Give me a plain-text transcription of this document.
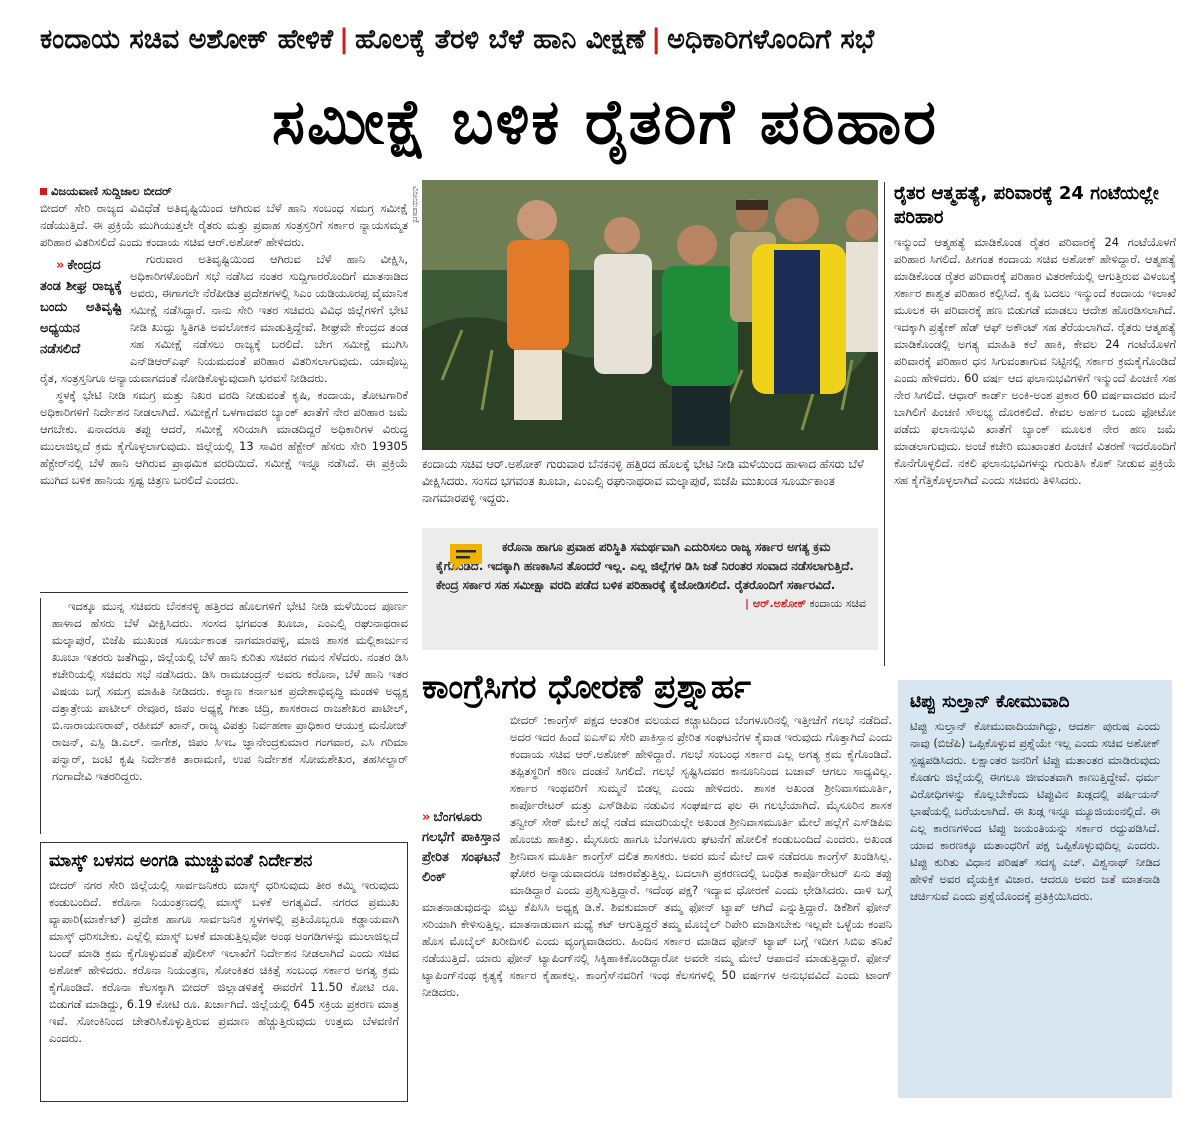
ಕಂದಾಯ ಸಚಿವ ಅಶೋಕ್ ಹೇಳಿಕೆ | ಹೊಲಕ್ಕೆ ತೆರಳಿ ಬೆಳೆ ಹಾನಿ ವೀಕ್ಷಣೆ | ಅಧಿಕಾರಿಗಳೊಂದಿಗೆ ಸಭೆ
ಸಮೀಕ್ಷೆ ಬಳಿಕ ರೈತರಿಗೆ ಪರಿಹಾರ
ವಿಜಯವಾಣಿ ಸುದ್ದಿಜಾಲ ಬೀದರ್

ಬೀದರ್ ಸೇರಿ ರಾಜ್ಯದ ವಿವಿಧೆಡೆ ಅತಿವೃಷ್ಟಿಯಿಂದ ಆಗಿರುವ ಬೆಳೆ ಹಾನಿ ಸಂಬಂಧ ಸಮಗ್ರ ಸಮೀಕ್ಷೆ ನಡೆಯುತ್ತಿದೆ. ಈ ಪ್ರಕ್ರಿಯೆ ಮುಗಿಯುತ್ತಲೇ ರೈತರು ಮತ್ತು ಪ್ರವಾಹ ಸಂತ್ರಸ್ತರಿಗೆ ಸರ್ಕಾರ ನ್ಯಾಯಸಮ್ಮತ ಪರಿಹಾರ ವಿತರಿಸಲಿದೆ ಎಂದು ಕಂದಾಯ ಸಚಿವ ಆರ್.ಅಶೋಕ್ ಹೇಳಿದರು.

» ಕೇಂದ್ರದ ತಂಡ ಶೀಘ್ರ ರಾಜ್ಯಕ್ಕೆ ಬಂದು ಅತಿವೃಷ್ಟಿ ಅಧ್ಯಯನ ನಡೆಸಲಿದೆ
ಗುರುವಾರ ಅತಿವೃಷ್ಟಿಯಿಂದ ಆಗಿರುವ ಬೆಳೆ ಹಾನಿ ವೀಕ್ಷಿಸಿ, ಅಧಿಕಾರಿಗಳೊಂದಿಗೆ ಸಭೆ ನಡೆಸಿದ ನಂತರ ಸುದ್ದಿಗಾರರೊಂದಿಗೆ ಮಾತನಾಡಿದ ಅವರು, ಈಗಾಗಲೇ ನೆರೆಪೀಡಿತ ಪ್ರದೇಶಗಳಲ್ಲಿ ಸಿಎಂ ಯಡಿಯೂರಪ್ಪ ವೈಮಾನಿಕ ಸಮೀಕ್ಷೆ ನಡೆಸಿದ್ದಾರೆ. ನಾನು ಸೇರಿ ಇತರ ಸಚಿವರು ವಿವಿಧ ಜಿಲ್ಲೆಗಳಿಗೆ ಭೇಟಿ ನೀಡಿ ಖುದ್ದು ಸ್ಥಿತಿಗತಿ ಅವಲೋಕನ ಮಾಡುತ್ತಿದ್ದೇವೆ. ಶೀಘ್ರವೇ ಕೇಂದ್ರದ ತಂಡ ಸಹ ಸಮೀಕ್ಷೆ ನಡೆಸಲು ರಾಜ್ಯಕ್ಕೆ ಬರಲಿದೆ. ಬೇಗ ಸಮೀಕ್ಷೆ ಮುಗಿಸಿ ಎನ್‌ಡಿಆರ್‌ಎಫ್ ನಿಯಮದಂತೆ ಪರಿಹಾರ ವಿತರಿಸಲಾಗುವುದು. ಯಾವೊಬ್ಬ ರೈತ, ಸಂತ್ರಸ್ತನಿಗೂ ಅನ್ಯಾಯವಾಗದಂತೆ ನೋಡಿಕೊಳ್ಳುವುದಾಗಿ ಭರವಸೆ ನೀಡಿದರು.

ಸ್ಥಳಕ್ಕೆ ಭೇಟಿ ನೀಡಿ ಸಮಗ್ರ ಮತ್ತು ನಿಖರ ವರದಿ ನೀಡುವಂತೆ ಕೃಷಿ, ಕಂದಾಯ, ತೋಟಗಾರಿಕೆ ಅಧಿಕಾರಿಗಳಿಗೆ ನಿರ್ದೇಶನ ನೀಡಲಾಗಿದೆ. ಸಮೀಕ್ಷೆಗೆ ಒಳಗಾದವರ ಬ್ಯಾಂಕ್ ಖಾತೆಗೆ ನೇರ ಪರಿಹಾರ ಜಮೆ ಆಗಬೇಕು. ಏನಾದರೂ ತಪ್ಪು ಆದರೆ, ಸಮೀಕ್ಷೆ ಸರಿಯಾಗಿ ಮಾಡದಿದ್ದರೆ ಅಧಿಕಾರಿಗಳ ವಿರುದ್ಧ ಮುಲಾಜಿಲ್ಲದೆ ಕ್ರಮ ಕೈಗೊಳ್ಳಲಾಗುವುದು. ಜಿಲ್ಲೆಯಲ್ಲಿ 13 ಸಾವಿರ ಹೆಕ್ಟೇರ್ ಹೆಸರು ಸೇರಿ 19305 ಹೆಕ್ಟೇರ್‌ನಲ್ಲಿ ಬೆಳೆ ಹಾನಿ ಆಗಿರುವ ಪ್ರಾಥಮಿಕ ವರದಿಯಿದೆ. ಸಮೀಕ್ಷೆ ಇನ್ನೂ ನಡೆಸಿದೆ. ಈ ಪ್ರಕ್ರಿಯೆ ಮುಗಿದ ಬಳಿಕ ಹಾನಿಯ ಸ್ಪಷ್ಟ ಚಿತ್ರಣ ಬರಲಿದೆ ಎಂದರು.

ವಿಜಯವಾಣಿ

ಇದಕ್ಕೂ ಮುನ್ನ ಸಚಿವರು ಬೆನಕನಳ್ಳಿ ಹತ್ತಿರದ ಹೊಲಗಳಿಗೆ ಭೇಟಿ ನೀಡಿ ಮಳೆಯಿಂದ ಪೂರ್ಣ ಹಾಳಾದ ಹೆಸರು ಬೆಳೆ ವೀಕ್ಷಿಸಿದರು. ಸಂಸದ ಭಗವಂತ ಖೂಬಾ, ಎಂಎಲ್ಸಿ ರಘುನಾಥರಾವ ಮಲ್ಕಾಪುರೆ, ಬಿಜೆಪಿ ಮುಖಂಡ ಸೂರ್ಯಕಾಂತ ನಾಗಮಾರಪಳ್ಳಿ, ಮಾಜಿ ಶಾಸಕ ಮಲ್ಲಿಕಾರ್ಜುನ ಖೂಬಾ ಇತರರು ಜತೆಗಿದ್ದು, ಜಿಲ್ಲೆಯಲ್ಲಿ ಬೆಳೆ ಹಾನಿ ಕುರಿತು ಸಚಿವರ ಗಮನ ಸೆಳೆದರು. ನಂತರ ಡಿಸಿ ಕಚೇರಿಯಲ್ಲಿ ಸಚಿವರು ಸಭೆ ನಡೆಸಿದರು. ಡಿಸಿ ರಾಮಚಂದ್ರನ್ ಅವರು ಕರೊನಾ, ಬೆಳೆ ಹಾನಿ ಇತರ ವಿಷಯ ಬಗ್ಗೆ ಸಮಗ್ರ ಮಾಹಿತಿ ನೀಡಿದರು. ಕಲ್ಯಾಣ ಕರ್ನಾಟಕ ಪ್ರದೇಶಾಭಿವೃದ್ಧಿ ಮಂಡಳಿ ಅಧ್ಯಕ್ಷ ದತ್ತಾತ್ರೇಯ ಪಾಟೀಲ್ ರೇವೂರ, ಜಿಪಂ ಅಧ್ಯಕ್ಷೆ ಗೀತಾ ಚಿದ್ರಿ, ಶಾಸಕರಾದ ರಾಜಶೇಖರ ಪಾಟೀಲ್, ಬಿ.ನಾರಾಯಣರಾವ್, ರಹೀಮ್ ಖಾನ್, ರಾಜ್ಯ ವಿಪತ್ತು ನಿರ್ವಹಣಾ ಪ್ರಾಧಿಕಾರ ಆಯುಕ್ತ ಮನೋಜ್ ರಾಜನ್, ಎಸ್ಪಿ ಡಿ.ಎಲ್. ನಾಗೇಶ, ಜಿಪಂ ಸಿಇಒ ಜ್ಞಾನೇಂದ್ರಕುಮಾರ ಗಂಗವಾರ, ಎಸಿ ಗರಿಮಾ ಪನ್ವಾರ್, ಜಂಟಿ ಕೃಷಿ ನಿರ್ದೇಶಕಿ ತಾರಾಮಣಿ, ಉಪ ನಿರ್ದೇಶಕ ಸೋಮಶೇಖರ, ತಹಸೀಲ್ದಾರ್ ಗಂಗಾದೇವಿ ಇತರರಿದ್ದರು.

ಮಾಸ್ಕ್ ಬಳಸದ ಅಂಗಡಿ ಮುಚ್ಚುವಂತೆ ನಿರ್ದೇಶನ

ಬೀದರ್ ನಗರ ಸೇರಿ ಜಿಲ್ಲೆಯಲ್ಲಿ ಸಾರ್ವಜನಿಕರು ಮಾಸ್ಕ್ ಧರಿಸುವುದು ತೀರ ಕಮ್ಮಿ ಇರುವುದು ಕಂಡುಬಂದಿದೆ. ಕರೊನಾ ನಿಯಂತ್ರಣದಲ್ಲಿ ಮಾಸ್ಕ್ ಬಳಕೆ ಅಗತ್ಯವಿದೆ. ನಗರದ ಪ್ರಮುಖ ವ್ಯಾಪಾರಿ(ಮಾರ್ಕೆಟ್) ಪ್ರದೇಶ ಹಾಗೂ ಸಾರ್ವಜನಿಕ ಸ್ಥಳಗಳಲ್ಲಿ ಪ್ರತಿಯೊಬ್ಬರೂ ಕಡ್ಡಾಯವಾಗಿ ಮಾಸ್ಕ್ ಧರಿಸಬೇಕು. ಎಲ್ಲೆಲ್ಲಿ ಮಾಸ್ಕ್ ಬಳಕೆ ಮಾಡುತ್ತಿಲ್ಲವೋ ಅಂಥ ಅಂಗಡಿಗಳನ್ನು ಮುಲಾಜಿಲ್ಲದೆ ಬಂದ್ ಮಾಡಿ ಕ್ರಮ ಕೈಗೊಳ್ಳುವಂತೆ ಪೊಲೀಸ್ ಇಲಾಖೆಗೆ ನಿರ್ದೇಶನ ನೀಡಲಾಗಿದೆ ಎಂದು ಸಚಿವ ಅಶೋಕ್ ಹೇಳಿದರು. ಕರೊನಾ ನಿಯಂತ್ರಣ, ಸೋಂಕಿತರ ಚಿಕಿತ್ಸೆ ಸಂಬಂಧ ಸರ್ಕಾರ ಅಗತ್ಯ ಕ್ರಮ ಕೈಗೊಂಡಿದೆ. ಕರೊನಾ ಕೆಲಸಕ್ಕಾಗಿ ಬೀದರ್ ಜಿಲ್ಲಾಡಳಿತಕ್ಕೆ ಈವರೆಗೆ 11.50 ಕೋಟಿ ರೂ. ಬಿಡುಗಡೆ ಮಾಡಿದ್ದು, 6.19 ಕೋಟಿ ರೂ. ಖರ್ಚಾಗಿದೆ. ಜಿಲ್ಲೆಯಲ್ಲಿ 645 ಸಕ್ರಿಯ ಪ್ರಕರಣ ಮಾತ್ರ ಇವೆ. ಸೋಂಕಿನಿಂದ ಚೇತರಿಸಿಕೊಳ್ಳುತ್ತಿರುವ ಪ್ರಮಾಣ ಹೆಚ್ಚುತ್ತಿರುವುದು ಉತ್ತಮ ಬೆಳವಣಿಗೆ ಎಂದರು.

ಕಂದಾಯ ಸಚಿವ ಆರ್.ಅಶೋಕ್ ಗುರುವಾರ ಬೆನಕನಳ್ಳಿ ಹತ್ತಿರದ ಹೊಲಕ್ಕೆ ಭೇಟಿ ನೀಡಿ ಮಳೆಯಿಂದ ಹಾಳಾದ ಹೆಸರು ಬೆಳೆ ವೀಕ್ಷಿಸಿದರು. ಸಂಸದ ಭಗವಂತ ಖೂಬಾ, ಎಂಎಲ್ಸಿ ರಘುನಾಥರಾವ ಮಲ್ಕಾಪುರೆ, ಬಿಜೆಪಿ ಮುಖಂಡ ಸೂರ್ಯಕಾಂತ ನಾಗಮಾರಪಳ್ಳಿ ಇದ್ದರು.

ಕರೊನಾ ಹಾಗೂ ಪ್ರವಾಹ ಪರಿಸ್ಥಿತಿ ಸಮರ್ಥವಾಗಿ ಎದುರಿಸಲು ರಾಜ್ಯ ಸರ್ಕಾರ ಅಗತ್ಯ ಕ್ರಮ ಕೈಗೊಂಡಿದೆ. ಇದಕ್ಕಾಗಿ ಹಣಕಾಸಿನ ತೊಂದರೆ ಇಲ್ಲ. ಎಲ್ಲ ಜಿಲ್ಲೆಗಳ ಡಿಸಿ ಜತೆ ನಿರಂತರ ಸಂವಾದ ನಡೆಸಲಾಗುತ್ತಿದೆ. ಕೇಂದ್ರ ಸರ್ಕಾರ ಸಹ ಸಮೀಕ್ಷಾ ವರದಿ ಪಡೆದ ಬಳಿಕ ಪರಿಹಾರಕ್ಕೆ ಕೈಜೋಡಿಸಲಿದೆ. ರೈತರೊಂದಿಗೆ ಸರ್ಕಾರವಿದೆ.

| ಆರ್.ಅಶೋಕ್ ಕಂದಾಯ ಸಚಿವ

ಕಾಂಗ್ರೆಸಿಗರ ಧೋರಣೆ ಪ್ರಶ್ನಾರ್ಹ
» ಬೆಂಗಳೂರು ಗಲಭೆಗೆ ಪಾಕಿಸ್ತಾನ ಪ್ರೇರಿತ ಸಂಘಟನೆ ಲಿಂಕ್
ಬೀದರ್ :ಕಾಂಗ್ರೆಸ್ ಪಕ್ಷದ ಆಂತರಿಕ ವಲಯದ ಕಚ್ಚಾಟದಿಂದ ಬೆಂಗಳೂರಿನಲ್ಲಿ ಇತ್ತೀಚೆಗೆ ಗಲಭೆ ನಡೆದಿದೆ. ಅದರ ಇದರ ಹಿಂದೆ ಐಎಸ್‌ಐ ಸೇರಿ ಪಾಕಿಸ್ತಾನ ಪ್ರೇರಿತ ಸಂಘಟನೆಗಳ ಕೈವಾಡ ಇರುವುದು ಗೊತ್ತಾಗಿದೆ ಎಂದು ಕಂದಾಯ ಸಚಿವ ಆರ್.ಅಶೋಕ್ ಹೇಳಿದ್ದಾರೆ. ಗಲಭೆ ಸಂಬಂಧ ಸರ್ಕಾರ ಎಲ್ಲ ಅಗತ್ಯ ಕ್ರಮ ಕೈಗೊಂಡಿದೆ. ತಪ್ಪಿತಸ್ಥರಿಗೆ ಕಠಿಣ ದಂಡನೆ ಸಿಗಲಿದೆ. ಗಲಭೆ ಸೃಷ್ಟಿಸಿದವರ ಕಾನೂನಿನಿಂದ ಬಚಾವ್ ಆಗಲು ಸಾಧ್ಯವಿಲ್ಲ. ಸರ್ಕಾರ ಇಂಥವರಿಗೆ ಸುಮ್ಮನೆ ಬಿಡಲ್ಲ ಎಂದು ಹೇಳಿದರು. ಶಾಸಕ ಅಖಂಡ ಶ್ರೀನಿವಾಸಮೂರ್ತಿ, ಕಾರ್ಪೊರೇಟರ್ ಮತ್ತು ಎಸ್‌ಡಿಪಿಐ ನಡುವಿನ ಸಂಘರ್ಷದ ಫಲ ಈ ಗಲಭೆಯಾಗಿದೆ. ಮೈಸೂರಿನ ಶಾಸಕ ತನ್ವೀರ್ ಸೇಠ್ ಮೇಲೆ ಹಲ್ಲೆ ನಡೆದ ಮಾದರಿಯಲ್ಲೇ ಅಖಂಡ ಶ್ರೀನಿವಾಸಮೂರ್ತಿ ಮೇಲೆ ಹಲ್ಲೆಗೆ ಎಸ್‌ಡಿಪಿಐ ಹೊಂಚು ಹಾಕಿತ್ತು. ಮೈಸೂರು ಹಾಗೂ ಬೆಂಗಳೂರು ಘಟನೆಗೆ ಹೋಲಿಕೆ ಕಂಡುಬಂದಿದೆ ಎಂದರು. ಅಖಂಡ ಶ್ರೀನಿವಾಸ ಮೂರ್ತಿ ಕಾಂಗ್ರೆಸ್ ದಲಿತ ಶಾಸಕರು. ಅವರ ಮನೆ ಮೇಲೆ ದಾಳಿ ನಡೆದರೂ ಕಾಂಗ್ರೆಸ್ ಖಂಡಿಸಿಲ್ಲ. ಘೋರ ಅನ್ಯಾಯವಾದರೂ ಚಕಾರವೆತ್ತುತ್ತಿಲ್ಲ. ಬದಲಾಗಿ ಪ್ರಕರಣದಲ್ಲಿ ಬಂಧಿತ ಕಾರ್ಪೊರೇಟರ್ ಏನು ತಪ್ಪು ಮಾಡಿದ್ದಾರೆ ಎಂದು ಪ್ರಶ್ನಿಸುತ್ತಿದ್ದಾರೆ. ಇದೆಂಥ ಪಕ್ಷ? ಇದ್ಯಾವ ಧೋರಣೆ ಎಂದು ಛೇಡಿಸಿದರು. ದಾಳಿ ಬಗ್ಗೆ ಮಾತನಾಡುವುದನ್ನು ಬಿಟ್ಟು ಕೆಪಿಸಿಸಿ ಅಧ್ಯಕ್ಷ ಡಿ.ಕೆ. ಶಿವಕುಮಾರ್ ತಮ್ಮ ಫೋನ್ ಟ್ಯಾಪ್ ಆಗಿದೆ ಎನ್ನುತ್ತಿದ್ದಾರೆ. ಡಿಕೆಶಿಗೆ ಫೋನ್ ಸರಿಯಾಗಿ ಕೇಳಿಸುತ್ತಿಲ್ಲ. ಮಾತನಾಡುವಾಗ ಮಧ್ಯೆ ಕಟ್ ಆಗುತ್ತಿದ್ದರೆ ತಮ್ಮ ಮೊಬೈಲ್ ರಿಪೇರಿ ಮಾಡಿಸಬೇಕು ಇಲ್ಲವೇ ಒಳ್ಳೆಯ ಕಂಪನಿ ಹೊಸ ಮೊಬೈಲ್ ಖರೀದಿಸಲಿ ಎಂದು ವ್ಯಂಗ್ಯವಾಡಿದರು. ಹಿಂದಿನ ಸರ್ಕಾರ ಮಾಡಿದ ಫೋನ್ ಟ್ಯಾಪ್ ಬಗ್ಗೆ ಇದೀಗ ಸಿಬಿಐ ತನಿಖೆ ನಡೆಯುತ್ತಿದೆ. ಯಾರು ಫೋನ್ ಟ್ಯಾಪಿಂಗ್‌ನಲ್ಲಿ ಸಿಕ್ಕಿಹಾಕಿಕೊಂಡಿದ್ದಾರೋ ಅವರೇ ನಮ್ಮ ಮೇಲೆ ಆಪಾದನೆ ಮಾಡುತ್ತಿದ್ದಾರೆ. ಫೋನ್ ಟ್ಯಾಪಿಂಗ್‌ನಂಥ ಕೃತ್ಯಕ್ಕೆ ಸರ್ಕಾರ ಕೈಹಾಕಲ್ಲ. ಕಾಂಗ್ರೆಸ್‌ನವರಿಗೆ ಇಂಥ ಕೆಲಸಗಳಲ್ಲಿ 50 ವರ್ಷಗಳ ಅನುಭವವಿದೆ ಎಂದು ಟಾಂಗ್ ನೀಡಿದರು.
ರೈತರ ಆತ್ಮಹತ್ಯೆ, ಪರಿವಾರಕ್ಕೆ 24 ಗಂಟೆಯಲ್ಲೇ ಪರಿಹಾರ

ಇನ್ಮುಂದೆ ಆತ್ಮಹತ್ಯೆ ಮಾಡಿಕೊಂಡ ರೈತರ ಪರಿವಾರಕ್ಕೆ 24 ಗಂಟೆಯೊಳಗೆ ಪರಿಹಾರ ಸಿಗಲಿದೆ. ಹೀಗಂತ ಕಂದಾಯ ಸಚಿವ ಅಶೋಕ್ ಹೇಳಿದ್ದಾರೆ. ಆತ್ಮಹತ್ಯೆ ಮಾಡಿಕೊಂಡ ರೈತರ ಪರಿವಾರಕ್ಕೆ ಪರಿಹಾರ ವಿತರಣೆಯಲ್ಲಿ ಆಗುತ್ತಿರುವ ವಿಳಂಬಕ್ಕೆ ಸರ್ಕಾರ ಶಾಶ್ವತ ಪರಿಹಾರ ಕಲ್ಪಿಸಿದೆ. ಕೃಷಿ ಬದಲು ಇನ್ಮುಂದೆ ಕಂದಾಯ ಇಲಾಖೆ ಮೂಲಕ ಈ ಪರಿವಾರಕ್ಕೆ ಹಣ ಬಿಡುಗಡೆ ಮಾಡಲು ಆದೇಶ ಹೊರಡಿಸಲಾಗಿದೆ. ಇದಕ್ಕಾಗಿ ಪ್ರತ್ಯೇಕ್ ಹೆಡ್ ಆಫ್ ಅಕೌಂಟ್ ಸಹ ತೆರೆಯಲಾಗಿದೆ. ರೈತರು ಆತ್ಮಹತ್ಯೆ ಮಾಡಿಕೊಂಡಲ್ಲಿ ಅಗತ್ಯ ಮಾಹಿತಿ ಕಲೆ ಹಾಕಿ, ಕೇವಲ 24 ಗಂಟೆಯೊಳಗೆ ಪರಿವಾರಕ್ಕೆ ಪರಿಹಾರ ಧನ ಸಿಗುವಂತಾಗುವ ನಿಟ್ಟಿನಲ್ಲಿ ಸರ್ಕಾರ ಕ್ರಮಕೈಗೊಂಡಿದೆ ಎಂದು ಹೇಳಿದರು. 60 ವರ್ಷ ಆದ ಫಲಾನುಭವಿಗಳಿಗೆ ಇನ್ಮುಂದೆ ಪಿಂಚಣಿ ಸಹ ನೇರ ಸಿಗಲಿದೆ. ಆಧಾರ್ ಕಾರ್ಡ್ ಅಂಕಿ-ಅಂಶ ಪ್ರಕಾರ 60 ವರ್ಷವಾದವರ ಮನೆ ಬಾಗಿಲಿಗೆ ಪಿಂಚಣಿ ಸೌಲಭ್ಯ ದೊರಕಲಿದೆ. ಕೇವಲ ಅರ್ಹರ ಒಂದು ಫೋಟೋ ಪಡೆದು ಫಲಾನುಭವಿ ಖಾತೆಗೆ ಬ್ಯಾಂಕ್ ಮೂಲಕ ನೇರ ಹಣ ಜಮೆ ಮಾಡಲಾಗುವುದು. ಅಂಚೆ ಕಚೇರಿ ಮುಖಾಂತರ ಪಿಂಚಣಿ ವಿತರಣೆ ಇದರೊಂದಿಗೆ ಕೊನೆಗೊಳ್ಳಲಿದೆ. ನಕಲಿ ಫಲಾನುಭವಿಗಳನ್ನು ಗುರುತಿಸಿ ಕೊಕ್ ನೀಡುವ ಪ್ರಕ್ರಿಯೆ ಸಹ ಕೈಗೆತ್ತಿಕೊಳ್ಳಲಾಗಿದೆ ಎಂದು ಸಚಿವರು ತಿಳಿಸಿದರು.

ಟಿಪ್ಪು ಸುಲ್ತಾನ್ ಕೋಮುವಾದಿ

ಟಿಪ್ಪು ಸುಲ್ತಾನ್ ಕೋಮುವಾದಿಯಾಗಿದ್ದು, ಆದರ್ಶ ಪುರುಷ ಎಂದು ನಾವು (ಬಿಜೆಪಿ) ಒಪ್ಪಿಕೊಳ್ಳುವ ಪ್ರಶ್ನೆಯೇ ಇಲ್ಲ ಎಂದು ಸಚಿವ ಅಶೋಕ್ ಸ್ಪಷ್ಟಪಡಿಸಿದರು. ಲಕ್ಷಾಂತರ ಜನರಿಗೆ ಟಿಪ್ಪು ಮತಾಂತರ ಮಾಡಿರುವುದು ಕೊಡಗು ಜಿಲ್ಲೆಯಲ್ಲಿ ಈಗಲೂ ಜೀವಂತವಾಗಿ ಕಾಣುತ್ತಿದ್ದೇವೆ. ಧರ್ಮ ವಿರೋಧಿಗಳನ್ನು ಕೊಲ್ಲಬೇಕೆಂದು ಟಿಪ್ಪುವಿನ ಖಡ್ಗದಲ್ಲಿ ಪರ್ಷಿಯನ್ ಭಾಷೆಯಲ್ಲಿ ಬರೆಯಲಾಗಿದೆ. ಈ ಖಡ್ಗ ಇನ್ನೂ ಮ್ಯೂಜಿಯಂನಲ್ಲಿದೆ. ಈ ಎಲ್ಲ ಕಾರಣಗಳಿಂದ ಟಿಪ್ಪು ಜಯಂತಿಯನ್ನು ಸರ್ಕಾರ ರದ್ದುಪಡಿಸಿದೆ. ಯಾವ ಕಾರಣಕ್ಕೂ ಮತಾಂಧರಿಗೆ ಪಕ್ಷ ಒಪ್ಪಿಕೊಳ್ಳುವುದಿಲ್ಲ ಎಂದರು. ಟಿಪ್ಪು ಕುರಿತು ವಿಧಾನ ಪರಿಷತ್ ಸದಸ್ಯ ಎಚ್. ವಿಶ್ವನಾಥ್ ನೀಡಿದ ಹೇಳಿಕೆ ಅವರ ವೈಯಕ್ತಿಕ ವಿಚಾರ. ಆದರೂ ಅವರ ಜತೆ ಮಾತನಾಡಿ ಚರ್ಚಿಸುವೆ ಎಂದು ಪ್ರಶ್ನೆಯೊಂದಕ್ಕೆ ಪ್ರತಿಕ್ರಿಯಿಸಿದರು.
